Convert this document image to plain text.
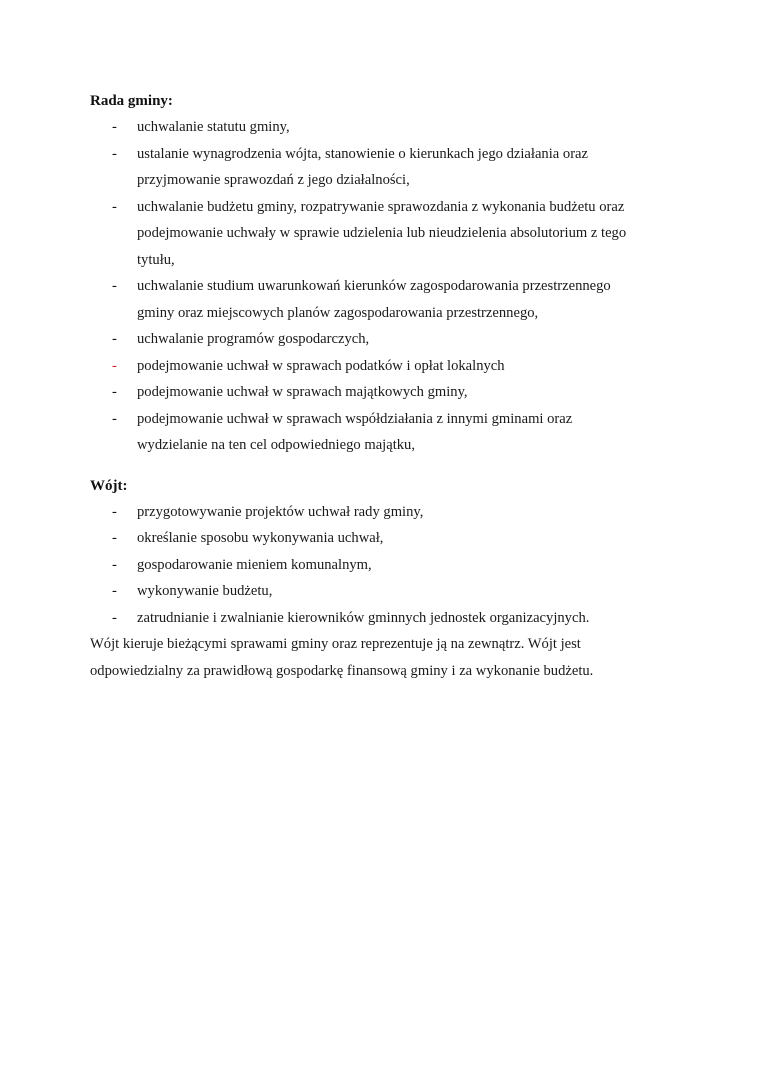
Rada gminy:
- uchwalanie statutu gminy,
- ustalanie wynagrodzenia wójta, stanowienie o kierunkach jego działania oraz
przyjmowanie sprawozdań z jego działalności,
- uchwalanie budżetu gminy, rozpatrywanie sprawozdania z wykonania budżetu oraz
podejmowanie uchwały w sprawie udzielenia lub nieudzielenia absolutorium z tego
tytułu,
- uchwalanie studium uwarunkowań kierunków zagospodarowania przestrzennego
gminy oraz miejscowych planów zagospodarowania przestrzennego,
- uchwalanie programów gospodarczych,
- podejmowanie uchwał w sprawach podatków i opłat lokalnych
- podejmowanie uchwał w sprawach majątkowych gminy,
- podejmowanie uchwał w sprawach współdziałania z innymi gminami oraz
wydzielanie na ten cel odpowiedniego majątku,
Wójt:
- przygotowywanie projektów uchwał rady gminy,
- określanie sposobu wykonywania uchwał,
- gospodarowanie mieniem komunalnym,
- wykonywanie budżetu,
- zatrudnianie i zwalnianie kierowników gminnych jednostek organizacyjnych.
Wójt kieruje bieżącymi sprawami gminy oraz reprezentuje ją na zewnątrz. Wójt jest
odpowiedzialny za prawidłową gospodarkę finansową gminy i za wykonanie budżetu.
